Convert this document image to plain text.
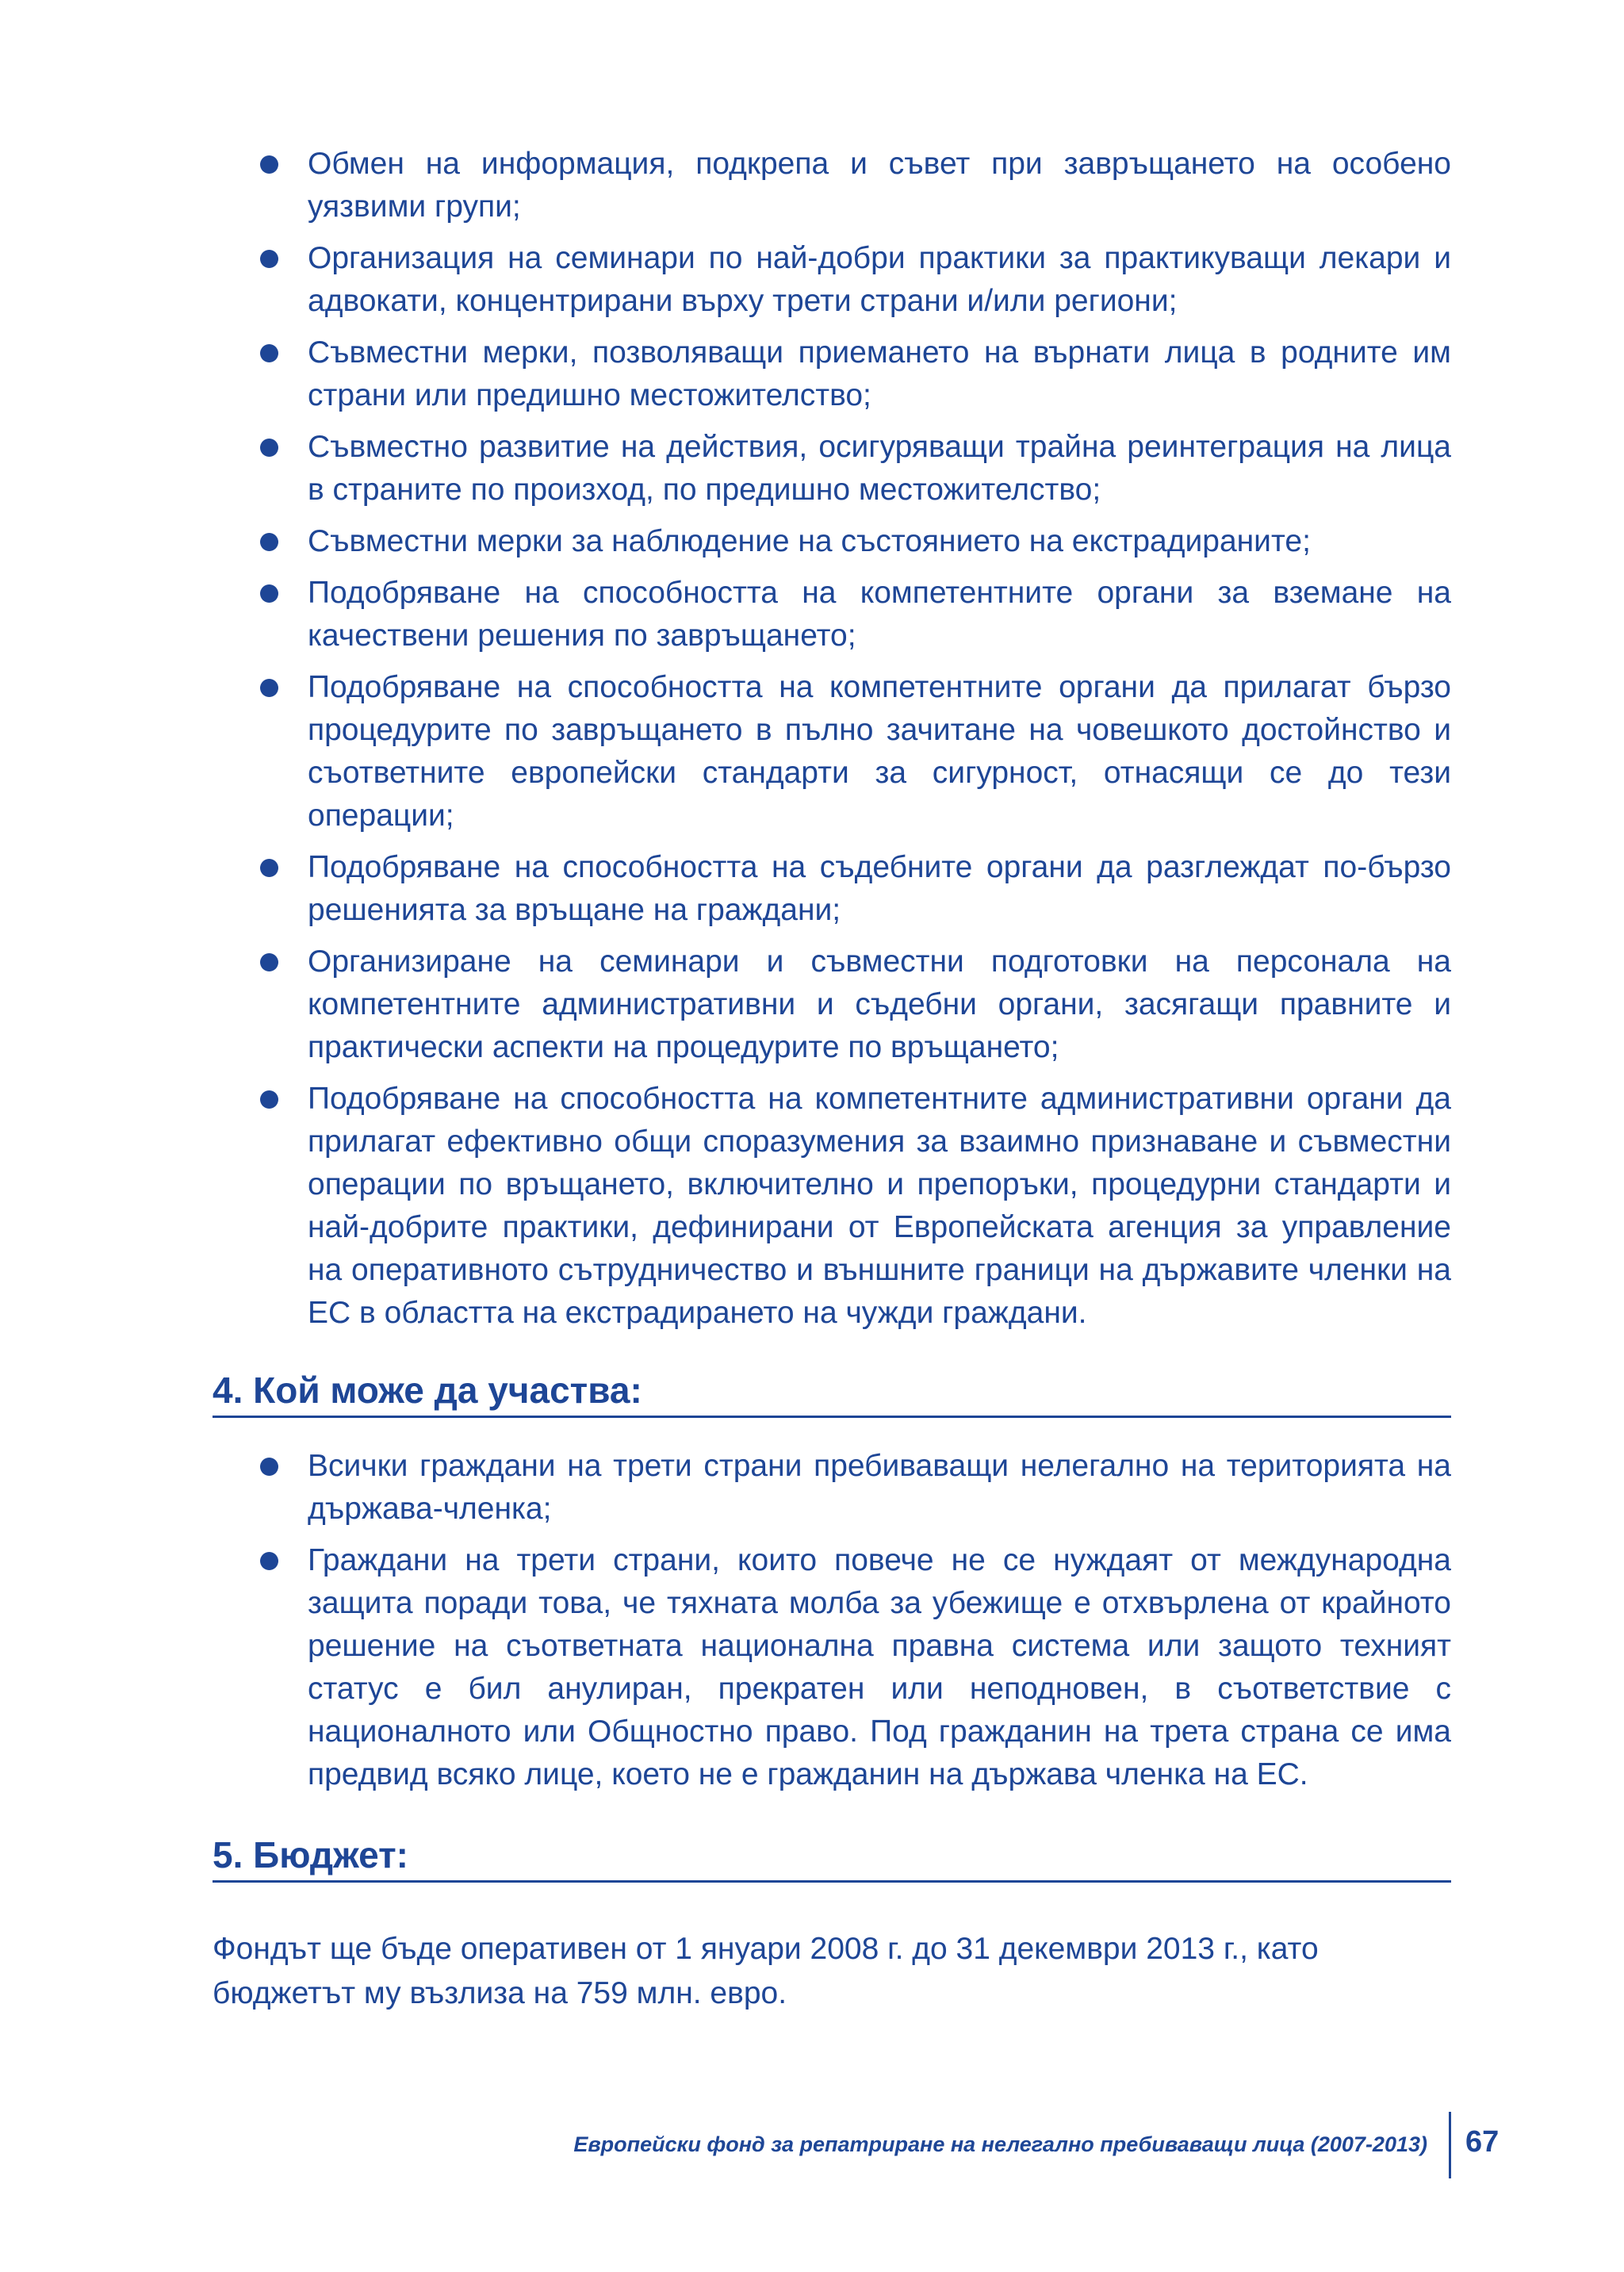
Обмен на информация, подкрепа и съвет при завръщането на особено уязвими групи;
Организация на семинари по най-добри практики за практикуващи лекари и адвокати, концентрирани върху трети страни и/или региони;
Съвместни мерки, позволяващи приемането на върнати лица в родните им страни или предишно местожителство;
Съвместно развитие на действия, осигуряващи трайна реинтеграция на лица в страните по произход, по предишно местожителство;
Съвместни мерки за наблюдение на състоянието на екстрадираните;
Подобряване на способността на компетентните органи за вземане на качествени решения по завръщането;
Подобряване на способността на компетентните органи да прилагат бързо процедурите по завръщането в пълно зачитане на човешкото достойнство и съответните европейски стандарти за сигурност, отнасящи се до тези операции;
Подобряване на способността на съдебните органи да разглеждат по-бързо решенията за връщане на граждани;
Организиране на семинари и съвместни подготовки на персонала на компетентните административни и съдебни органи, засягащи правните и практически аспекти на процедурите по връщането;
Подобряване на способността на компетентните административни органи да прилагат ефективно общи споразумения за взаимно признаване и съвместни операции по връщането, включително и препоръки, процедурни стандарти и най-добрите практики, дефинирани от Европейската агенция за управление на оперативното сътрудничество и външните граници на държавите членки на ЕС в областта на екстрадирането на чужди граждани.
4. Кой може да участва:
Всички граждани на трети страни пребиваващи нелегално на територията на държава-членка;
Граждани на трети страни, които повече не се нуждаят от международна защита поради това, че тяхната молба за убежище е отхвърлена от крайното решение на съответната национална правна система или защото техният статус е бил анулиран, прекратен или неподновен, в съответствие с националното или Общностно право. Под гражданин на трета страна се има предвид всяко лице, което не е гражданин на държава членка на ЕС.
5. Бюджет:

Фондът ще бъде оперативен от 1 януари 2008 г. до 31 декември 2013 г., като бюджетът му възлиза на 759 млн. евро.

Европейски фонд за репатриране на нелегално пребиваващи лица (2007-2013) 67
